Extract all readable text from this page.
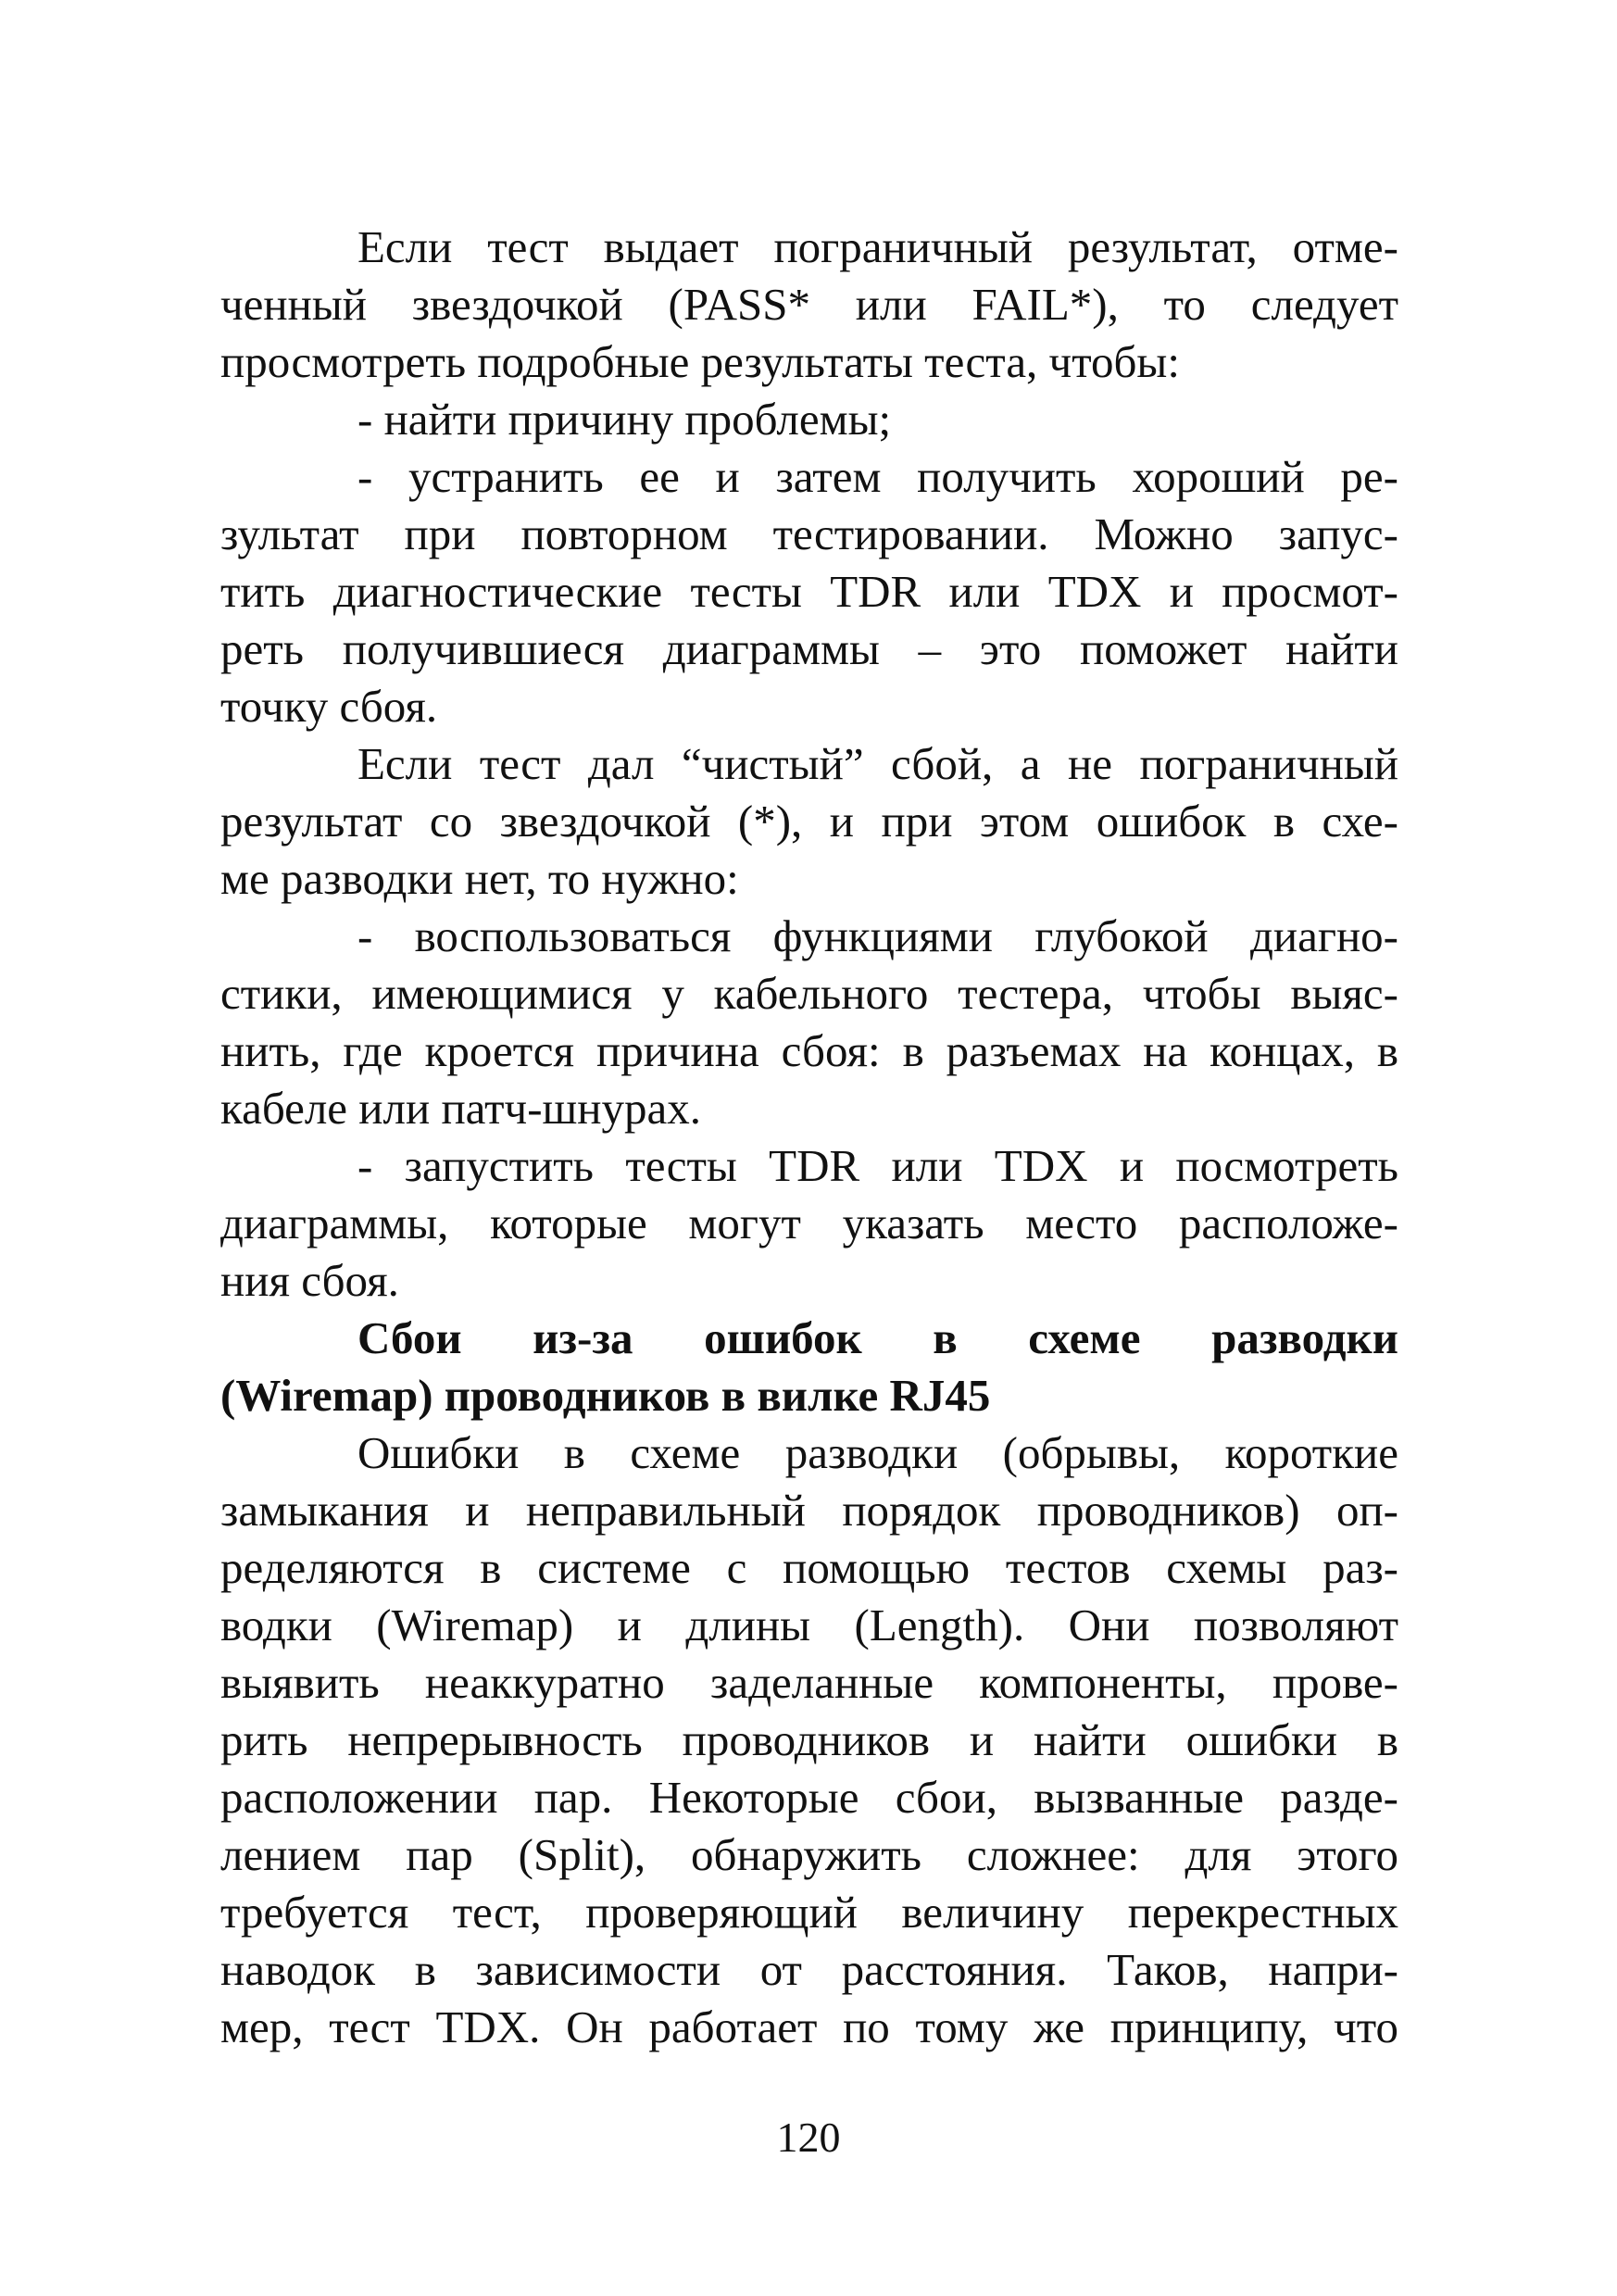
Если тест выдает пограничный результат, отме-
ченный звездочкой (PASS* или FAIL*), то следует
просмотреть подробные результаты теста, чтобы:
- найти причину проблемы;
- устранить ее и затем получить хороший ре-
зультат при повторном тестировании. Можно запус-
тить диагностические тесты TDR или TDX и просмот-
реть получившиеся диаграммы – это поможет найти
точку сбоя.
Если тест дал “чистый” сбой, а не пограничный
результат со звездочкой (*), и при этом ошибок в схе-
ме разводки нет, то нужно:
- воспользоваться функциями глубокой диагно-
стики, имеющимися у кабельного тестера, чтобы выяс-
нить, где кроется причина сбоя: в разъемах на концах, в
кабеле или патч-шнурах.
- запустить тесты TDR или TDX и посмотреть
диаграммы, которые могут указать место расположе-
ния сбоя.
Сбои из-за ошибок в схеме разводки
(Wiremap) проводников в вилке RJ45
Ошибки в схеме разводки (обрывы, короткие
замыкания и неправильный порядок проводников) оп-
ределяются в системе с помощью тестов схемы раз-
водки (Wiremap) и длины (Length). Они позволяют
выявить неаккуратно заделанные компоненты, прове-
рить непрерывность проводников и найти ошибки в
расположении пар. Некоторые сбои, вызванные разде-
лением пар (Split), обнаружить сложнее: для этого
требуется тест, проверяющий величину перекрестных
наводок в зависимости от расстояния. Таков, напри-
мер, тест TDX. Он работает по тому же принципу, что
120
